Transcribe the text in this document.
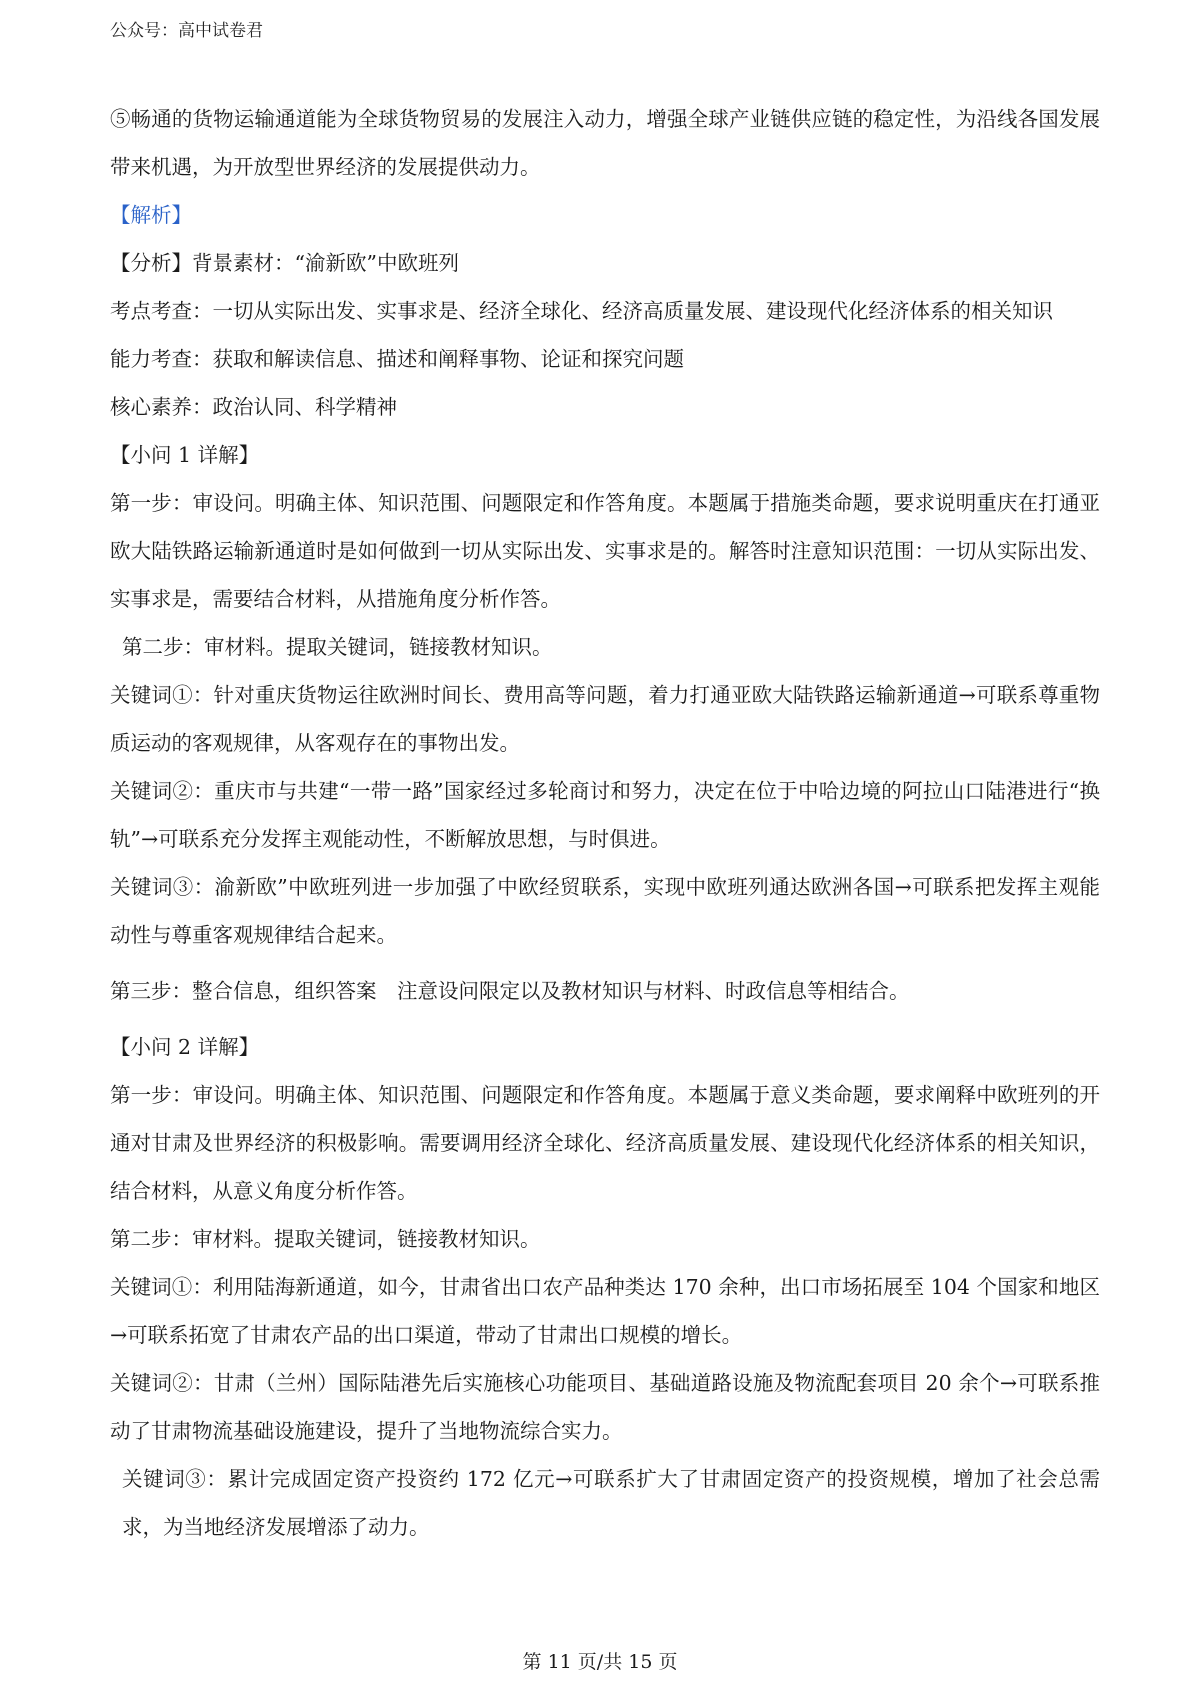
公众号：高中试卷君

⑤畅通的货物运输通道能为全球货物贸易的发展注入动力，增强全球产业链供应链的稳定性，为沿线各国发展带来机遇，为开放型世界经济的发展提供动力。

【解析】

【分析】背景素材：“渝新欧”中欧班列

考点考查：一切从实际出发、实事求是、经济全球化、经济高质量发展、建设现代化经济体系的相关知识

能力考查：获取和解读信息、描述和阐释事物、论证和探究问题

核心素养：政治认同、科学精神

【小问 1 详解】

第一步：审设问。明确主体、知识范围、问题限定和作答角度。本题属于措施类命题，要求说明重庆在打通亚欧大陆铁路运输新通道时是如何做到一切从实际出发、实事求是的。解答时注意知识范围：一切从实际出发、实事求是，需要结合材料，从措施角度分析作答。

第二步：审材料。提取关键词，链接教材知识。

关键词①：针对重庆货物运往欧洲时间长、费用高等问题，着力打通亚欧大陆铁路运输新通道→可联系尊重物质运动的客观规律，从客观存在的事物出发。

关键词②：重庆市与共建“一带一路”国家经过多轮商讨和努力，决定在位于中哈边境的阿拉山口陆港进行“换轨”→可联系充分发挥主观能动性，不断解放思想，与时俱进。

关键词③：渝新欧”中欧班列进一步加强了中欧经贸联系，实现中欧班列通达欧洲各国→可联系把发挥主观能动性与尊重客观规律结合起来。

第三步：整合信息，组织答案　注意设问限定以及教材知识与材料、时政信息等相结合。

【小问 2 详解】

第一步：审设问。明确主体、知识范围、问题限定和作答角度。本题属于意义类命题，要求阐释中欧班列的开通对甘肃及世界经济的积极影响。需要调用经济全球化、经济高质量发展、建设现代化经济体系的相关知识，结合材料，从意义角度分析作答。

第二步：审材料。提取关键词，链接教材知识。

关键词①：利用陆海新通道，如今，甘肃省出口农产品种类达 170 余种，出口市场拓展至 104 个国家和地区→可联系拓宽了甘肃农产品的出口渠道，带动了甘肃出口规模的增长。

关键词②：甘肃（兰州）国际陆港先后实施核心功能项目、基础道路设施及物流配套项目 20 余个→可联系推动了甘肃物流基础设施建设，提升了当地物流综合实力。

关键词③：累计完成固定资产投资约 172 亿元→可联系扩大了甘肃固定资产的投资规模，增加了社会总需求，为当地经济发展增添了动力。

第 11 页/共 15 页
